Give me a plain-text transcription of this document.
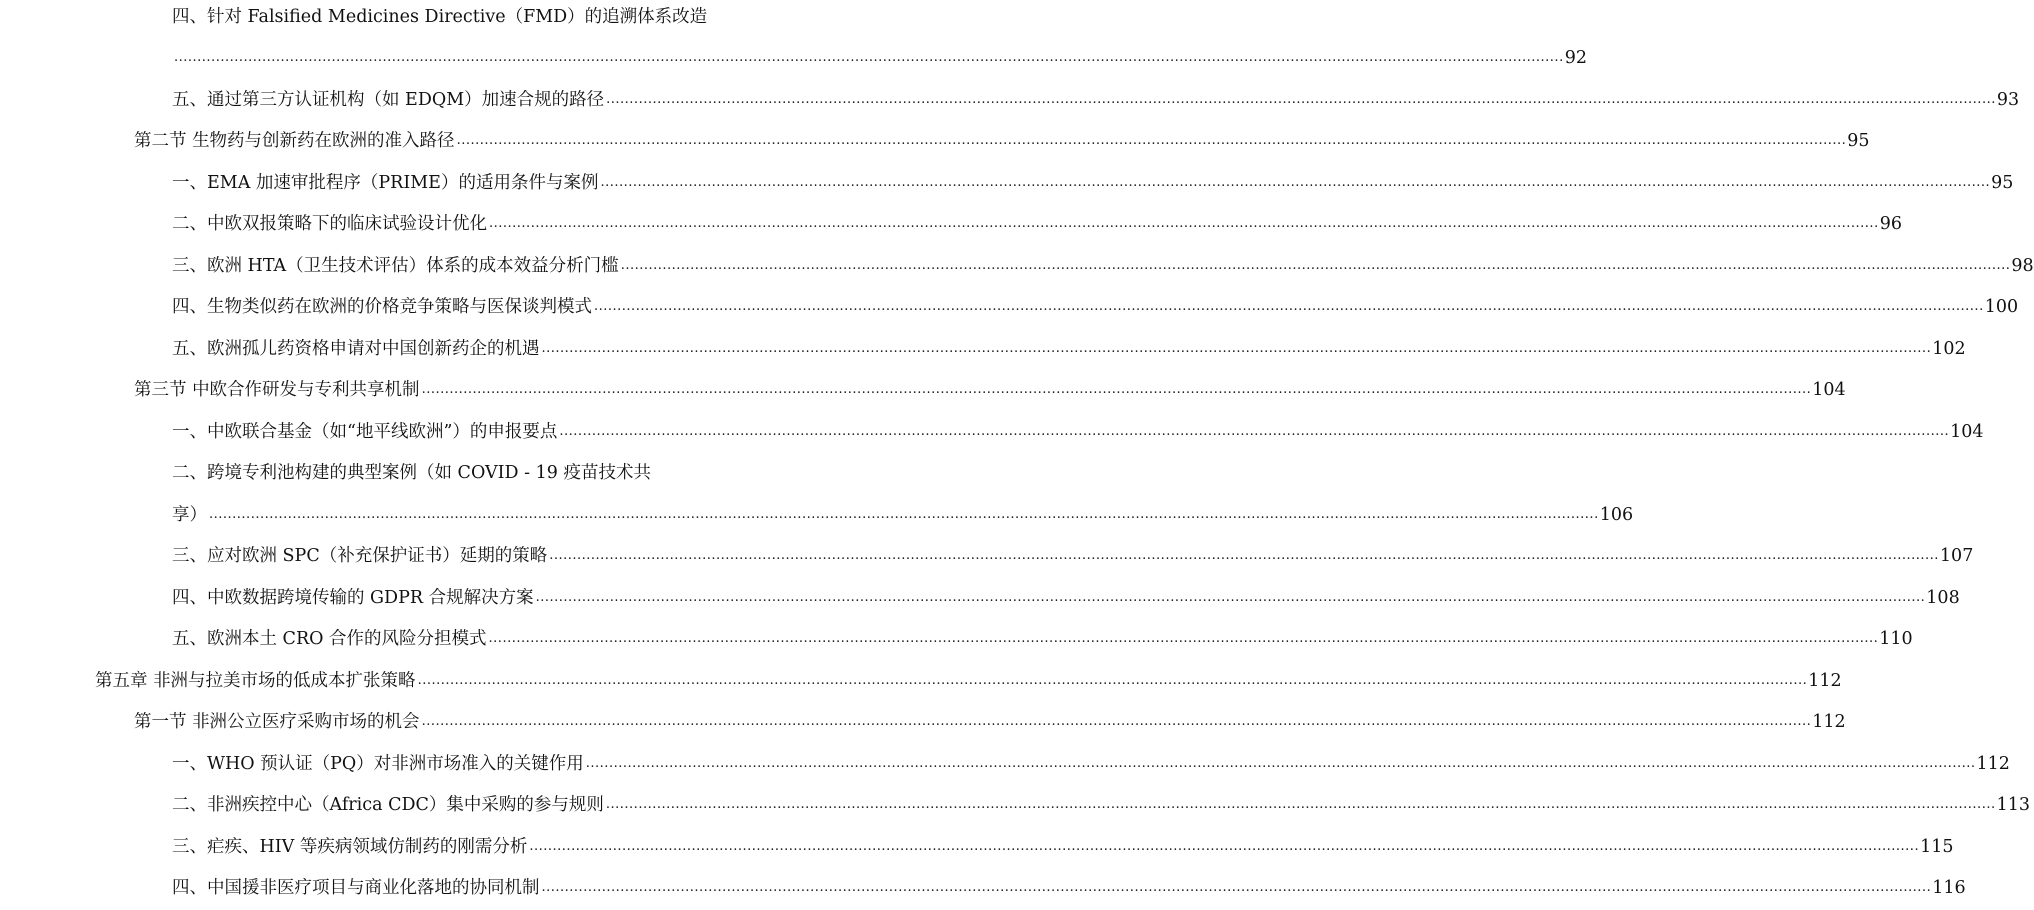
四、针对 Falsified Medicines Directive（FMD）的追溯体系改造
............................................................................................................................................................................................................................................................................................................ 92
五、通过第三方认证机构（如 EDQM）加速合规的路径 ............................................................................................................................................................................................................................................................................................................ 93
第二节 生物药与创新药在欧洲的准入路径 ............................................................................................................................................................................................................................................................................................................ 95
一、EMA 加速审批程序（PRIME）的适用条件与案例 ............................................................................................................................................................................................................................................................................................................ 95
二、中欧双报策略下的临床试验设计优化 ............................................................................................................................................................................................................................................................................................................ 96
三、欧洲 HTA（卫生技术评估）体系的成本效益分析门槛 ............................................................................................................................................................................................................................................................................................................ 98
四、生物类似药在欧洲的价格竞争策略与医保谈判模式 ............................................................................................................................................................................................................................................................................................................ 100
五、欧洲孤儿药资格申请对中国创新药企的机遇 ............................................................................................................................................................................................................................................................................................................ 102
第三节 中欧合作研发与专利共享机制 ............................................................................................................................................................................................................................................................................................................ 104
一、中欧联合基金（如“地平线欧洲”）的申报要点 ............................................................................................................................................................................................................................................................................................................ 104
二、跨境专利池构建的典型案例（如 COVID - 19 疫苗技术共
享） ............................................................................................................................................................................................................................................................................................................ 106
三、应对欧洲 SPC（补充保护证书）延期的策略 ............................................................................................................................................................................................................................................................................................................ 107
四、中欧数据跨境传输的 GDPR 合规解决方案 ............................................................................................................................................................................................................................................................................................................ 108
五、欧洲本土 CRO 合作的风险分担模式 ............................................................................................................................................................................................................................................................................................................ 110
第五章 非洲与拉美市场的低成本扩张策略 ............................................................................................................................................................................................................................................................................................................ 112
第一节 非洲公立医疗采购市场的机会 ............................................................................................................................................................................................................................................................................................................ 112
一、WHO 预认证（PQ）对非洲市场准入的关键作用 ............................................................................................................................................................................................................................................................................................................ 112
二、非洲疾控中心（Africa CDC）集中采购的参与规则 ............................................................................................................................................................................................................................................................................................................ 113
三、疟疾、HIV 等疾病领域仿制药的刚需分析 ............................................................................................................................................................................................................................................................................................................ 115
四、中国援非医疗项目与商业化落地的协同机制 ............................................................................................................................................................................................................................................................................................................ 116
